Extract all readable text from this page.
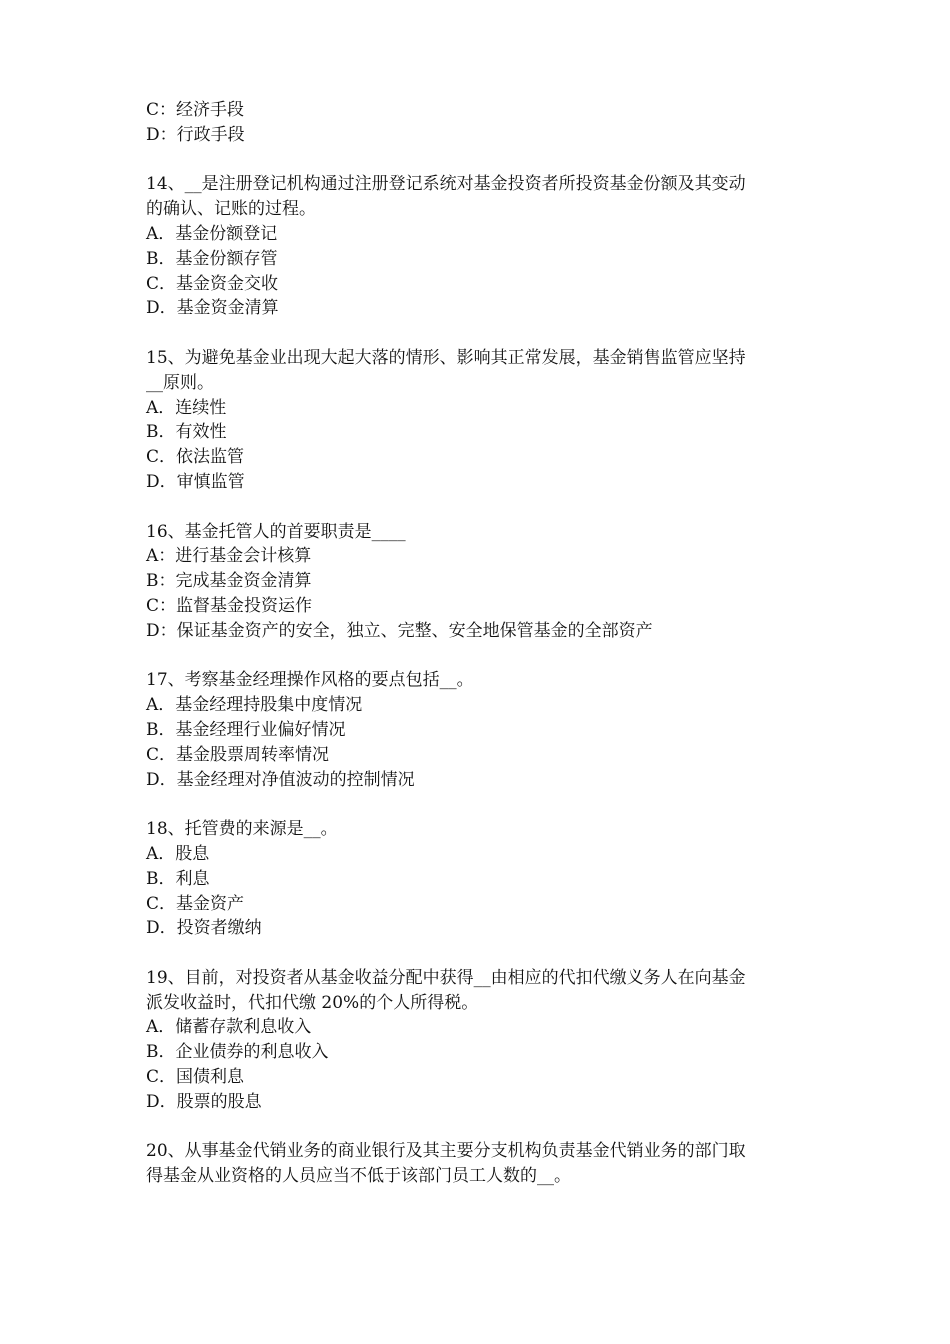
C：经济手段

D：行政手段

14、__是注册登记机构通过注册登记系统对基金投资者所投资基金份额及其变动

的确认、记账的过程。

A．基金份额登记

B．基金份额存管

C．基金资金交收

D．基金资金清算

15、为避免基金业出现大起大落的情形、影响其正常发展，基金销售监管应坚持

__原则。

A．连续性

B．有效性

C．依法监管

D．审慎监管

16、基金托管人的首要职责是____

A：进行基金会计核算

B：完成基金资金清算

C：监督基金投资运作

D：保证基金资产的安全，独立、完整、安全地保管基金的全部资产

17、考察基金经理操作风格的要点包括__。

A．基金经理持股集中度情况

B．基金经理行业偏好情况

C．基金股票周转率情况

D．基金经理对净值波动的控制情况

18、托管费的来源是__。

A．股息

B．利息

C．基金资产

D．投资者缴纳

19、目前，对投资者从基金收益分配中获得__由相应的代扣代缴义务人在向基金

派发收益时，代扣代缴 20%的个人所得税。

A．储蓄存款利息收入

B．企业债券的利息收入

C．国债利息

D．股票的股息

20、从事基金代销业务的商业银行及其主要分支机构负责基金代销业务的部门取

得基金从业资格的人员应当不低于该部门员工人数的__。
